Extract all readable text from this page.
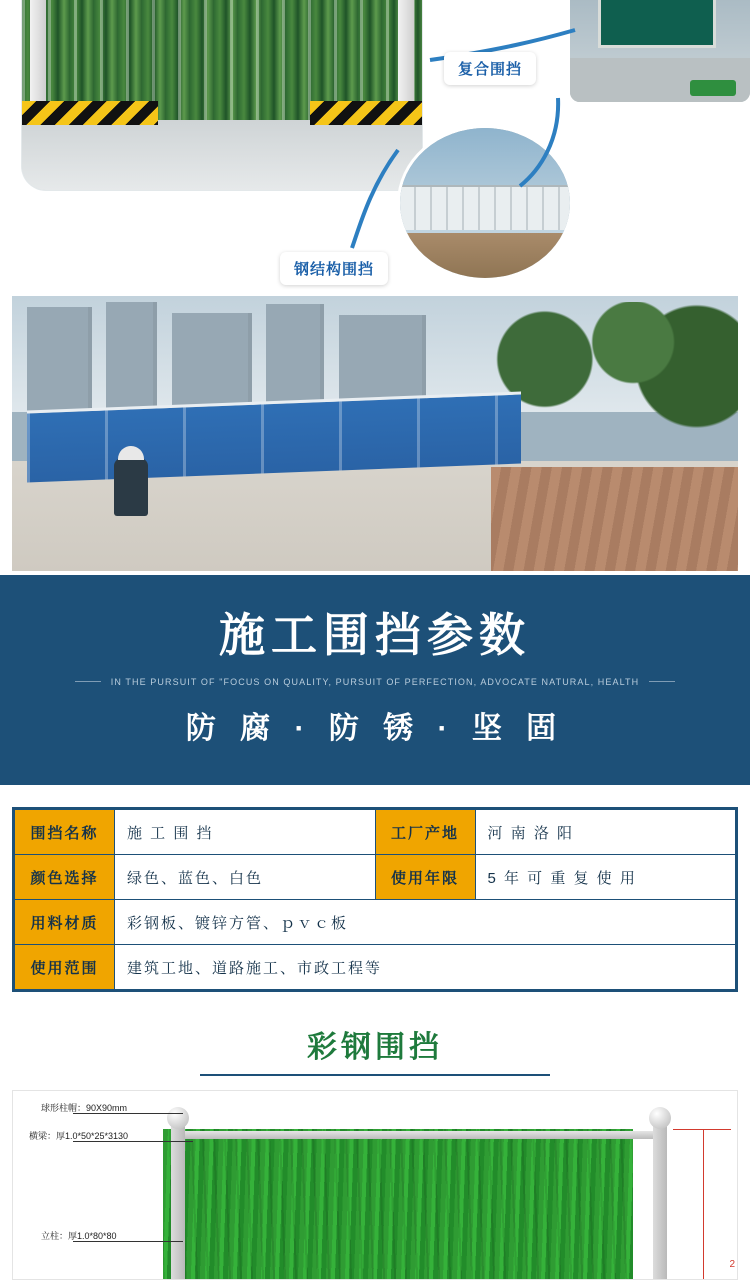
复合围挡
钢结构围挡
施工围挡参数
IN THE PURSUIT OF "FOCUS ON QUALITY, PURSUIT OF PERFECTION, ADVOCATE NATURAL, HEALTH
防 腐 · 防 锈 · 坚 固
围挡名称	施 工 围 挡	工厂产地	河 南 洛 阳
颜色选择	绿色、蓝色、白色	使用年限	5 年 可 重 复 使 用
用料材质	彩钢板、镀锌方管、ｐｖｃ板		
使用范围	建筑工地、道路施工、市政工程等		
彩钢围挡
球形柱帽：90X90mm
横梁：厚1.0*50*25*3130
立柱：厚1.0*80*80
2
